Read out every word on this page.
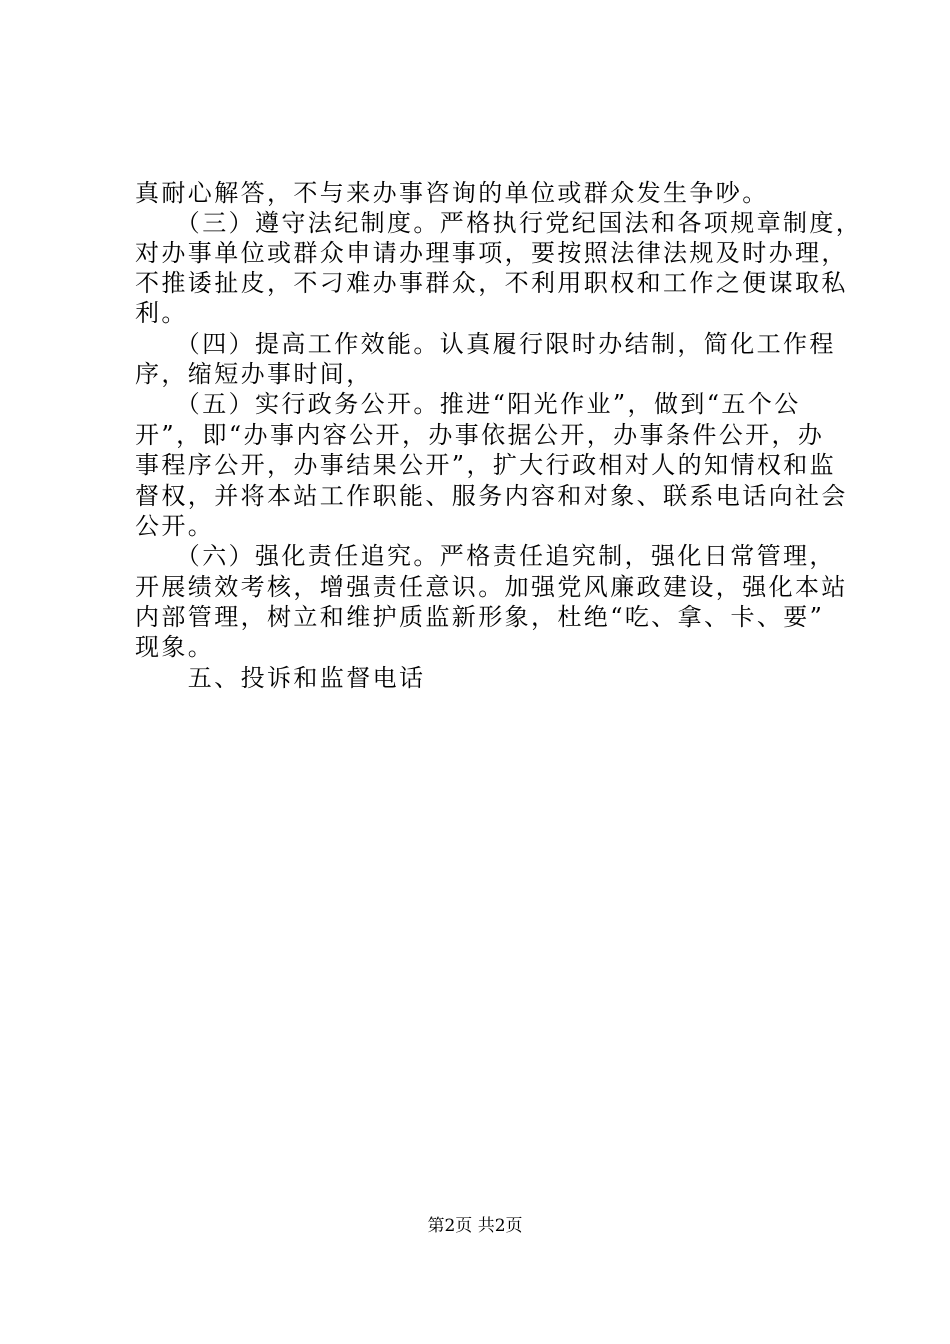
真耐心解答，不与来办事咨询的单位或群众发生争吵。
　　（三）遵守法纪制度。严格执行党纪国法和各项规章制度，
对办事单位或群众申请办理事项，要按照法律法规及时办理，
不推诿扯皮，不刁难办事群众，不利用职权和工作之便谋取私
利。
　　（四）提高工作效能。认真履行限时办结制，简化工作程
序，缩短办事时间，
　　（五）实行政务公开。推进“阳光作业”，做到“五个公
开”，即“办事内容公开，办事依据公开，办事条件公开，办
事程序公开，办事结果公开”，扩大行政相对人的知情权和监
督权，并将本站工作职能、服务内容和对象、联系电话向社会
公开。
　　（六）强化责任追究。严格责任追究制，强化日常管理，
开展绩效考核，增强责任意识。加强党风廉政建设，强化本站
内部管理，树立和维护质监新形象，杜绝“吃、拿、卡、要”
现象。
　　五、投诉和监督电话
第2页 共2页
